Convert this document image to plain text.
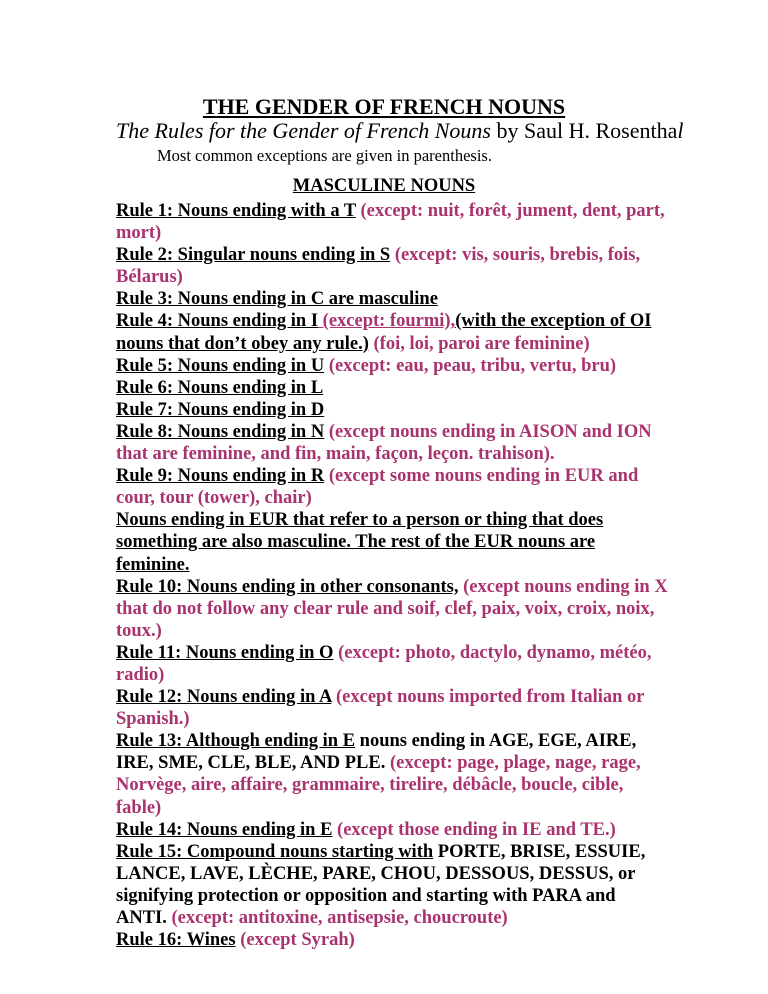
THE GENDER OF FRENCH NOUNS
The Rules for the Gender of French Nouns by Saul H. Rosenthal
Most common exceptions are given in parenthesis.
MASCULINE NOUNS
Rule 1: Nouns ending with a T (except: nuit, forêt, jument, dent, part, mort)
Rule 2: Singular nouns ending in S (except: vis, souris, brebis, fois, Bélarus)
Rule 3: Nouns ending in C are masculine
Rule 4: Nouns ending in I (except: fourmi),(with the exception of OI nouns that don’t obey any rule.) (foi, loi, paroi are feminine)
Rule 5: Nouns ending in U (except: eau, peau, tribu, vertu, bru)
Rule 6: Nouns ending in L
Rule 7: Nouns ending in D
Rule 8: Nouns ending in N (except nouns ending in AISON and ION that are feminine, and fin, main, façon, leçon. trahison).
Rule 9: Nouns ending in R (except some nouns ending in EUR and cour, tour (tower), chair)
Nouns ending in EUR that refer to a person or thing that does something are also masculine. The rest of the EUR nouns are feminine.
Rule 10: Nouns ending in other consonants, (except nouns ending in X that do not follow any clear rule and soif, clef, paix, voix, croix, noix, toux.)
Rule 11: Nouns ending in O (except: photo, dactylo, dynamo, météo, radio)
Rule 12: Nouns ending in A (except nouns imported from Italian or Spanish.)
Rule 13: Although ending in E nouns ending in AGE, EGE, AIRE, IRE, SME, CLE, BLE, AND PLE. (except: page, plage, nage, rage, Norvège, aire, affaire, grammaire, tirelire, débâcle, boucle, cible, fable)
Rule 14: Nouns ending in E (except those ending in IE and TE.)
Rule 15: Compound nouns starting with PORTE, BRISE, ESSUIE, LANCE, LAVE, LÈCHE, PARE, CHOU, DESSOUS, DESSUS, or signifying protection or opposition and starting with PARA and ANTI. (except: antitoxine, antisepsie, choucroute)
Rule 16: Wines (except Syrah)
